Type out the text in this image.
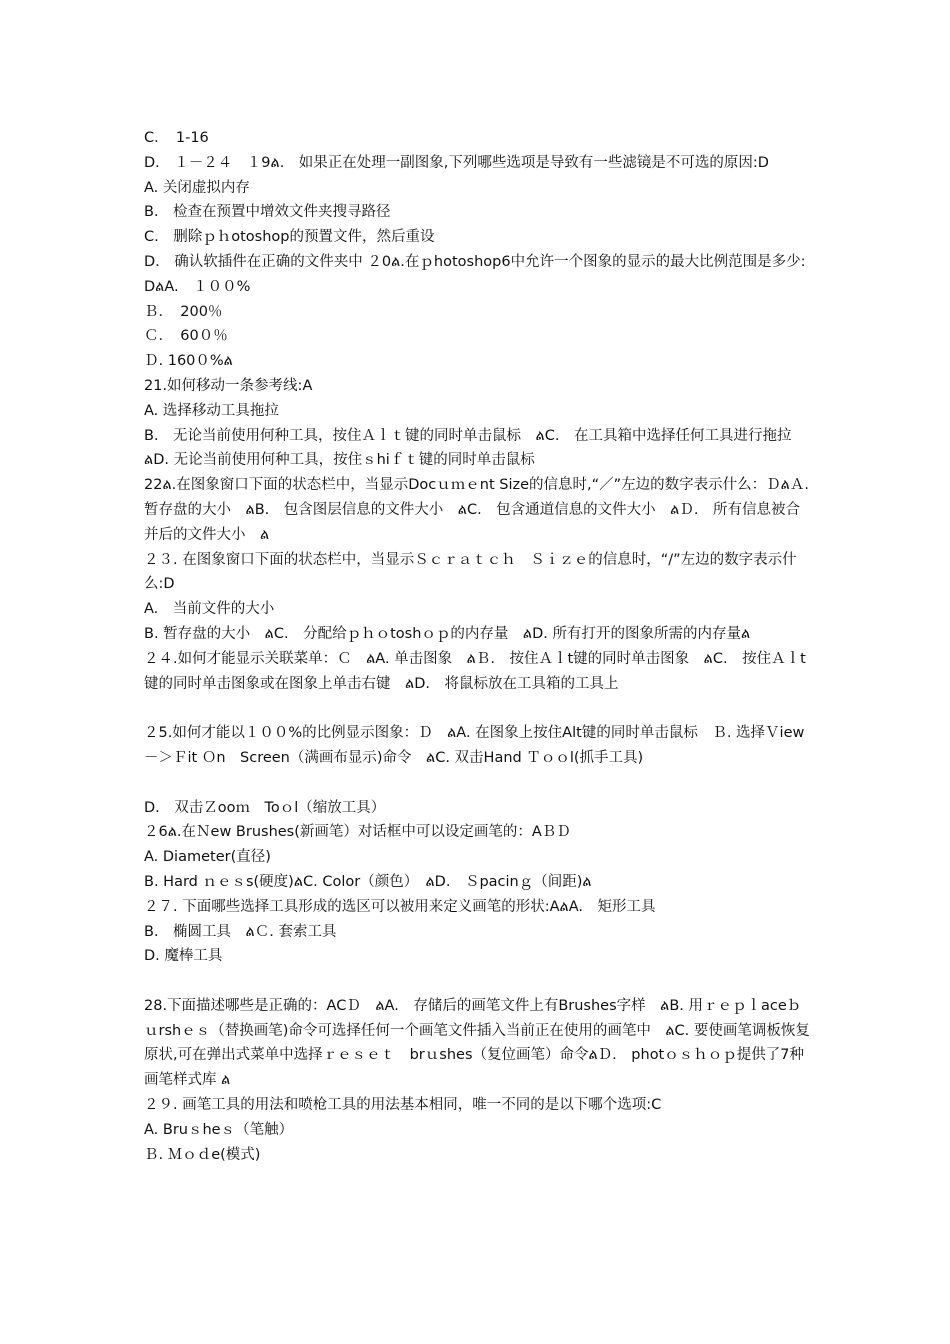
C．　1-16
D.　１－２４　１9ል.　如果正在处理一副图象,下列哪些选项是导致有一些滤镜是不可选的原因:D
A. 关闭虚拟内存
B.　检查在预置中增效文件夹搜寻路径
C.　删除ｐｈotoshop的预置文件，然后重设
D.　确认软插件在正确的文件夹中 ２0ል.在ｐhotoshop6中允许一个图象的显示的最大比例范围是多少:DልA.　１００%
Ｂ．　200％
Ｃ．　60０％
Ｄ. 160０%ል
21.如何移动一条参考线:A
A. 选择移动工具拖拉
B.　无论当前使用何种工具，按住Ａｌｔ键的同时单击鼠标　ልC.　在工具箱中选择任何工具进行拖拉　ልD. 无论当前使用何种工具，按住ｓhiｆｔ键的同时单击鼠标
22ል.在图象窗口下面的状态栏中，当显示Docｕｍｅnt Size的信息时,“／”左边的数字表示什么：ＤልＡ.　暂存盘的大小　ልB.　包含图层信息的文件大小　ልC.　包含通道信息的文件大小　ልＤ.　所有信息被合并后的文件大小　ል
２３. 在图象窗口下面的状态栏中，当显示Ｓｃｒａｔｃｈ　Ｓｉｚｅ的信息时，“/”左边的数字表示什么:D
A.　当前文件的大小
B. 暂存盘的大小　ልC.　分配给ｐｈｏtoshｏｐ的内存量　ልD. 所有打开的图象所需的内存量ል
２４.如何才能显示关联菜单：Ｃ　ልA. 单击图象　ልＢ.　按住Ａｌt键的同时单击图象　ልC.　按住Ａｌt键的同时单击图象或在图象上单击右键　ልD.　将鼠标放在工具箱的工具上
２5.如何才能以１００%的比例显示图象：Ｄ　ልA. 在图象上按住Alt键的同时单击鼠标　Ｂ. 选择Ｖiew－＞Ｆit Ｏn　Screen（满画布显示)命令　ልC. 双击Hand Ｔｏｏl(抓手工具)
D.　双击Ｚooｍ　Toｏl（缩放工具）
２6ል.在Ｎew Brushes(新画笔）对话框中可以设定画笔的：AＢＤ
A. Diameter(直径)
B. Hard ｎｅｓs(硬度)ልC. Color（颜色）　ልD.　Ｓpacinｇ（间距)ል
２７. 下面哪些选择工具形成的选区可以被用来定义画笔的形状:AልA.　矩形工具
B.　椭圆工具　ልＣ. 套索工具
D. 魔棒工具
28.下面描述哪些是正确的：ACＤ　ልA.　存储后的画笔文件上有Brushes字样　ልB. 用ｒｅｐｌaceｂｕrshｅｓ（替换画笔)命令可选择任何一个画笔文件插入当前正在使用的画笔中　ልC. 要使画笔调板恢复原状,可在弹出式菜单中选择ｒｅｓｅｔ　brｕshes（复位画笔）命令ልＤ.　photｏｓｈｏｐ提供了7种画笔样式库 ል
２９. 画笔工具的用法和喷枪工具的用法基本相同，唯一不同的是以下哪个选项:C
A. Bruｓheｓ（笔触）
Ｂ. Ｍｏｄe(模式)
